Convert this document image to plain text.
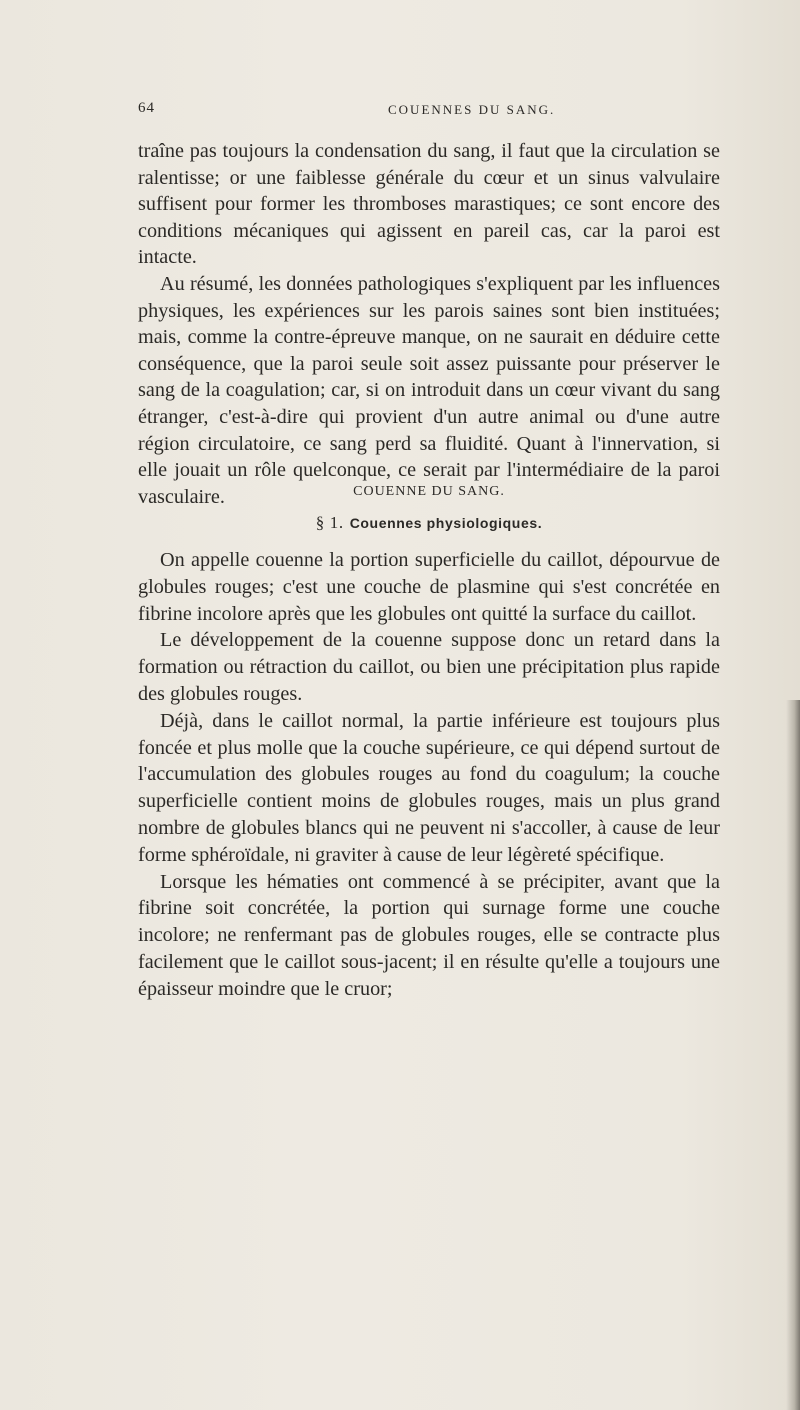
64	COUENNES DU SANG.

traîne pas toujours la condensation du sang, il faut que la circulation se ralentisse; or une faiblesse générale du cœur et un sinus valvulaire suffisent pour former les thromboses marastiques; ce sont encore des conditions mécaniques qui agissent en pareil cas, car la paroi est intacte.

Au résumé, les données pathologiques s'expliquent par les influences physiques, les expériences sur les parois saines sont bien instituées; mais, comme la contre-épreuve manque, on ne saurait en déduire cette conséquence, que la paroi seule soit assez puissante pour préserver le sang de la coagulation; car, si on introduit dans un cœur vivant du sang étranger, c'est-à-dire qui provient d'un autre animal ou d'une autre région circulatoire, ce sang perd sa fluidité. Quant à l'innervation, si elle jouait un rôle quelconque, ce serait par l'intermédiaire de la paroi vasculaire.	COUENNE DU SANG.
§ 1. Couennes physiologiques.

On appelle couenne la portion superficielle du caillot, dépourvue de globules rouges; c'est une couche de plasmine qui s'est concrétée en fibrine incolore après que les globules ont quitté la surface du caillot.

Le développement de la couenne suppose donc un retard dans la formation ou rétraction du caillot, ou bien une précipitation plus rapide des globules rouges.

Déjà, dans le caillot normal, la partie inférieure est toujours plus foncée et plus molle que la couche supérieure, ce qui dépend surtout de l'accumulation des globules rouges au fond du coagulum; la couche superficielle contient moins de globules rouges, mais un plus grand nombre de globules blancs qui ne peuvent ni s'accoller, à cause de leur forme sphéroïdale, ni graviter à cause de leur légèreté spécifique.

Lorsque les hématies ont commencé à se précipiter, avant que la fibrine soit concrétée, la portion qui surnage forme une couche incolore; ne renfermant pas de globules rouges, elle se contracte plus facilement que le caillot sous-jacent; il en résulte qu'elle a toujours une épaisseur moindre que le cruor;
